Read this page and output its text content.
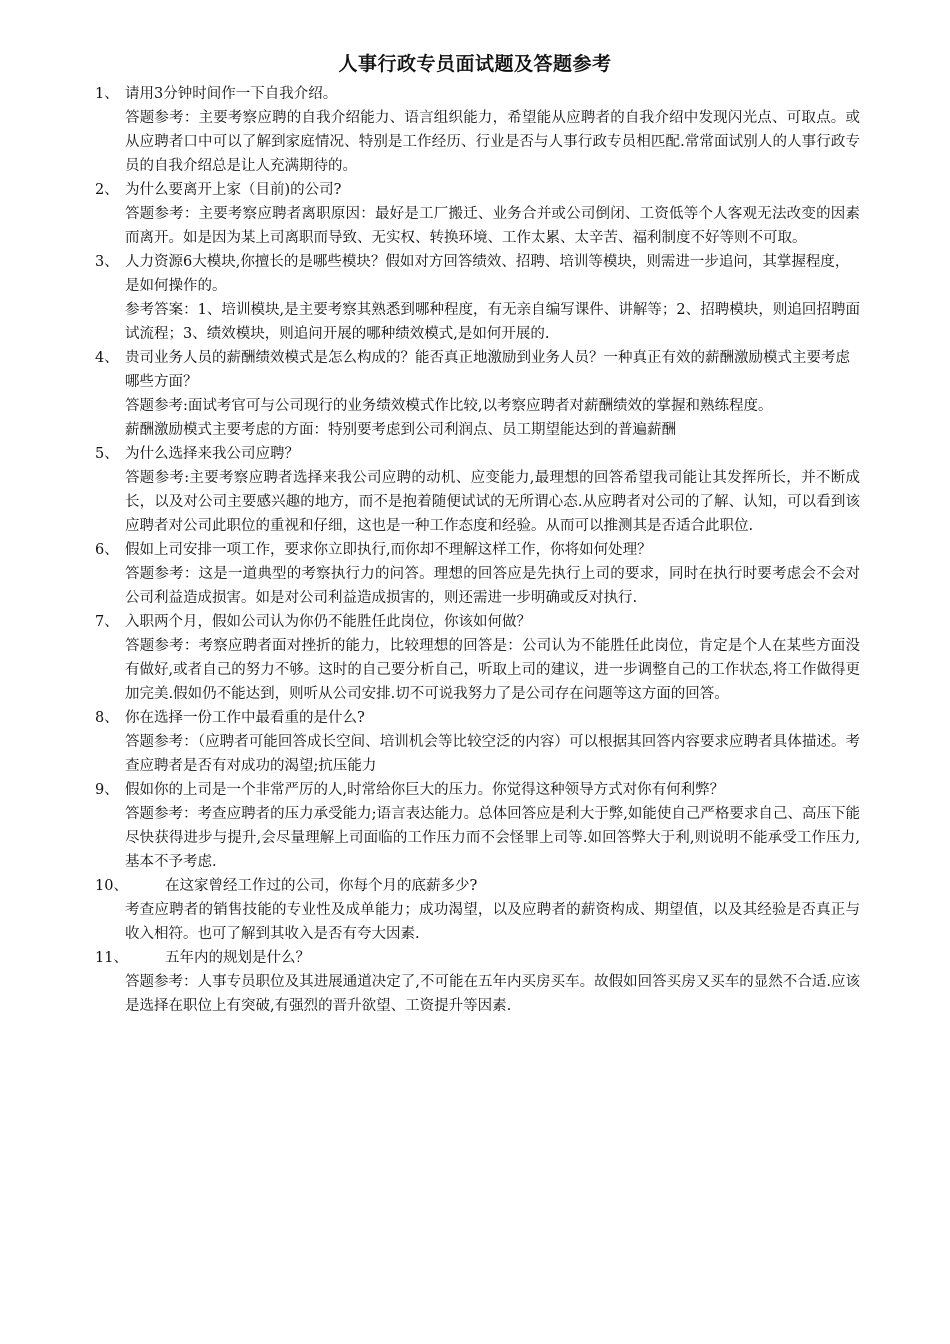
人事行政专员面试题及答题参考
1、 请用3分钟时间作一下自我介绍。

答题参考：主要考察应聘的自我介绍能力、语言组织能力，希望能从应聘者的自我介绍中发现闪光点、可取点。或从应聘者口中可以了解到家庭情况、特别是工作经历、行业是否与人事行政专员相匹配.常常面试别人的人事行政专员的自我介绍总是让人充满期待的。

2、 为什么要离开上家（目前)的公司?

答题参考：主要考察应聘者离职原因：最好是工厂搬迁、业务合并或公司倒闭、工资低等个人客观无法改变的因素而离开。如是因为某上司离职而导致、无实权、转换环境、工作太累、太辛苦、福利制度不好等则不可取。

3、 人力资源6大模块,你擅长的是哪些模块？假如对方回答绩效、招聘、培训等模块，则需进一步追问，其掌握程度，是如何操作的。

参考答案：1、培训模块,是主要考察其熟悉到哪种程度，有无亲自编写课件、讲解等；2、招聘模块，则追回招聘面试流程；3、绩效模块，则追问开展的哪种绩效模式,是如何开展的.

4、 贵司业务人员的薪酬绩效模式是怎么构成的？能否真正地激励到业务人员？一种真正有效的薪酬激励模式主要考虑哪些方面？

答题参考:面试考官可与公司现行的业务绩效模式作比较,以考察应聘者对薪酬绩效的掌握和熟练程度。

薪酬激励模式主要考虑的方面：特别要考虑到公司利润点、员工期望能达到的普遍薪酬

5、 为什么选择来我公司应聘？

答题参考:主要考察应聘者选择来我公司应聘的动机、应变能力,最理想的回答希望我司能让其发挥所长，并不断成长，以及对公司主要感兴趣的地方，而不是抱着随便试试的无所谓心态.从应聘者对公司的了解、认知，可以看到该应聘者对公司此职位的重视和仔细，这也是一种工作态度和经验。从而可以推测其是否适合此职位.

6、 假如上司安排一项工作，要求你立即执行,而你却不理解这样工作，你将如何处理？

答题参考：这是一道典型的考察执行力的问答。理想的回答应是先执行上司的要求，同时在执行时要考虑会不会对公司利益造成损害。如是对公司利益造成损害的，则还需进一步明确或反对执行.

7、 入职两个月，假如公司认为你仍不能胜任此岗位，你该如何做？

答题参考：考察应聘者面对挫折的能力，比较理想的回答是：公司认为不能胜任此岗位，肯定是个人在某些方面没有做好,或者自己的努力不够。这时的自己要分析自己，听取上司的建议，进一步调整自己的工作状态,将工作做得更加完美.假如仍不能达到，则听从公司安排.切不可说我努力了是公司存在问题等这方面的回答。

8、 你在选择一份工作中最看重的是什么?

答题参考：（应聘者可能回答成长空间、培训机会等比较空泛的内容）可以根据其回答内容要求应聘者具体描述。考查应聘者是否有对成功的渴望;抗压能力

9、 假如你的上司是一个非常严厉的人,时常给你巨大的压力。你觉得这种领导方式对你有何利弊？

答题参考：考查应聘者的压力承受能力;语言表达能力。总体回答应是利大于弊,如能使自己严格要求自己、高压下能尽快获得进步与提升,会尽量理解上司面临的工作压力而不会怪罪上司等.如回答弊大于利,则说明不能承受工作压力,基本不予考虑.

10、	在这家曾经工作过的公司，你每个月的底薪多少?

考查应聘者的销售技能的专业性及成单能力；成功渴望，以及应聘者的薪资构成、期望值，以及其经验是否真正与收入相符。也可了解到其收入是否有夸大因素.

11、	五年内的规划是什么？

答题参考：人事专员职位及其进展通道决定了,不可能在五年内买房买车。故假如回答买房又买车的显然不合适.应该是选择在职位上有突破,有强烈的晋升欲望、工资提升等因素.
